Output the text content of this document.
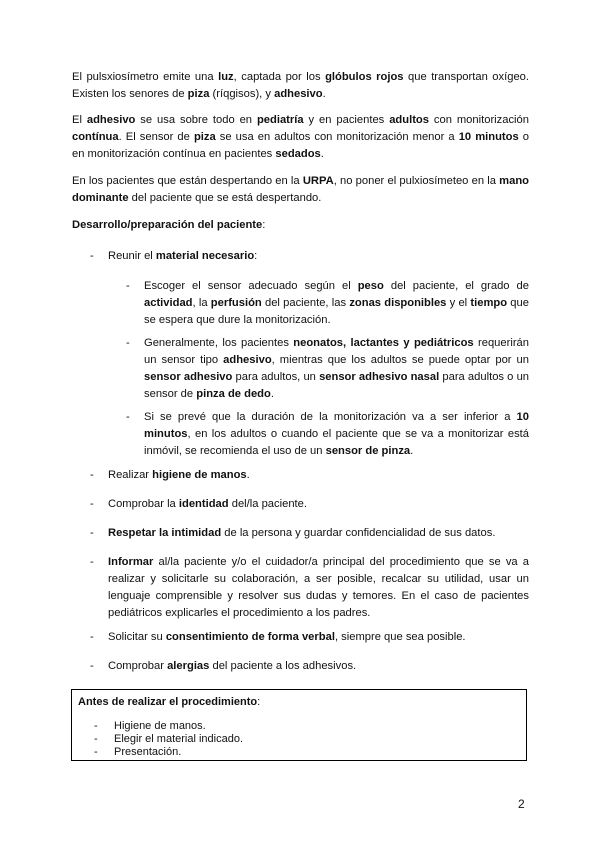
El pulsxiosímetro emite una luz, captada por los glóbulos rojos que transportan oxígeo. Existen los senores de piza (ríqgisos), y adhesivo.

El adhesivo se usa sobre todo en pediatría y en pacientes adultos con monitorización contínua. El sensor de piza se usa en adultos con monitorización menor a 10 minutos o en monitorización contínua en pacientes sedados.

En los pacientes que están despertando en la URPA, no poner el pulxiosímeteo en la mano dominante del paciente que se está despertando.

Desarrollo/preparación del paciente:

- Reunir el material necesario:
- Escoger el sensor adecuado según el peso del paciente, el grado de actividad, la perfusión del paciente, las zonas disponibles y el tiempo que se espera que dure la monitorización.
- Generalmente, los pacientes neonatos, lactantes y pediátricos requerirán un sensor tipo adhesivo, mientras que los adultos se puede optar por un sensor adhesivo para adultos, un sensor adhesivo nasal para adultos o un sensor de pinza de dedo.
- Si se prevé que la duración de la monitorización va a ser inferior a 10 minutos, en los adultos o cuando el paciente que se va a monitorizar está inmóvil, se recomienda el uso de un sensor de pinza.
- Realizar higiene de manos.
- Comprobar la identidad del/la paciente.
- Respetar la intimidad de la persona y guardar confidencialidad de sus datos.
- Informar al/la paciente y/o el cuidador/a principal del procedimiento que se va a realizar y solicitarle su colaboración, a ser posible, recalcar su utilidad, usar un lenguaje comprensible y resolver sus dudas y temores. En el caso de pacientes pediátricos explicarles el procedimiento a los padres.
- Solicitar su consentimiento de forma verbal, siempre que sea posible.
- Comprobar alergias del paciente a los adhesivos.

Antes de realizar el procedimiento:

- Higiene de manos.
- Elegir el material indicado.
- Presentación.
2
